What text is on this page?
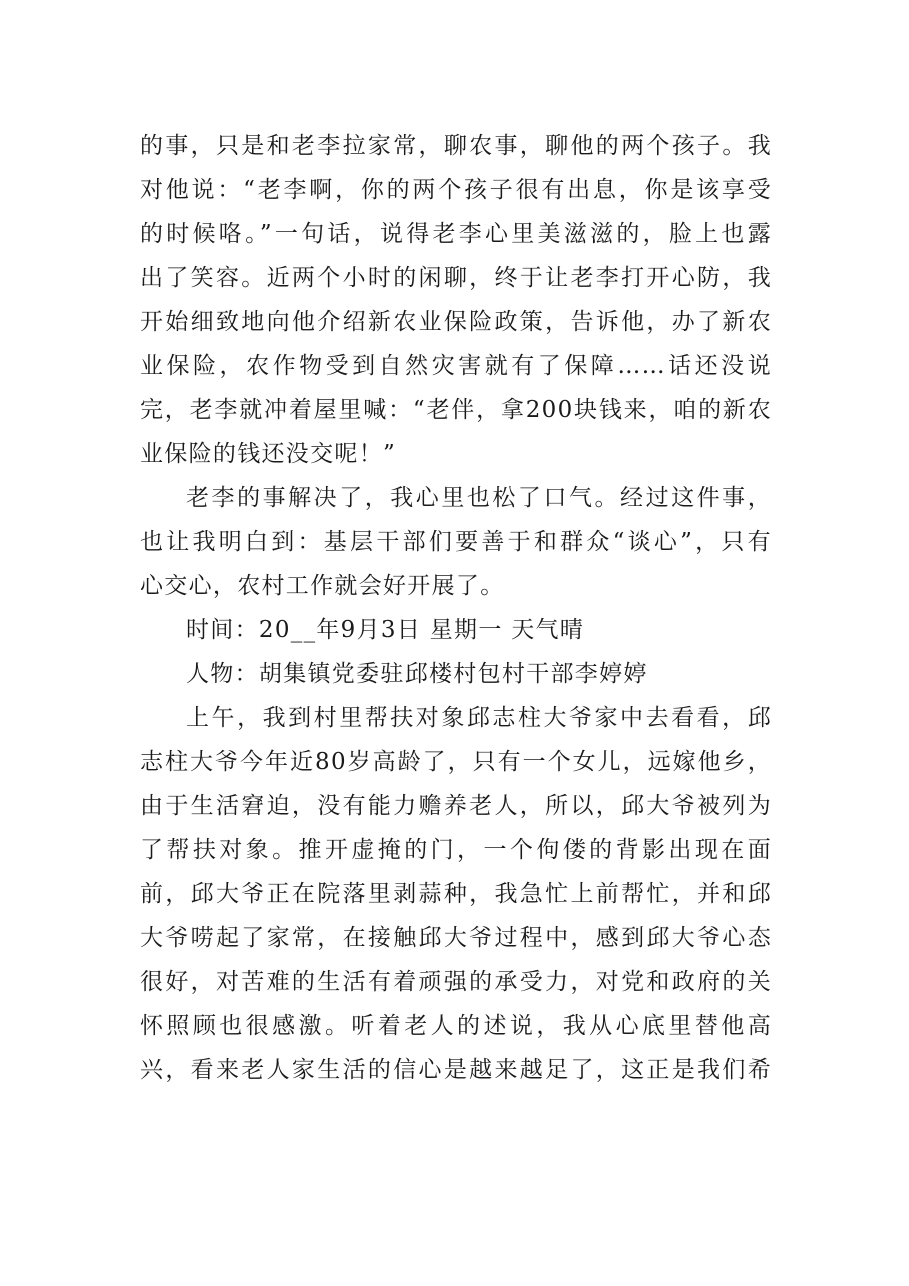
的事，只是和老李拉家常，聊农事，聊他的两个孩子。我
对他说：“老李啊，你的两个孩子很有出息，你是该享受
的时候咯。”一句话，说得老李心里美滋滋的，脸上也露
出了笑容。近两个小时的闲聊，终于让老李打开心防，我
开始细致地向他介绍新农业保险政策，告诉他，办了新农
业保险，农作物受到自然灾害就有了保障……话还没说
完，老李就冲着屋里喊：“老伴，拿200块钱来，咱的新农
业保险的钱还没交呢！”
老李的事解决了，我心里也松了口气。经过这件事，
也让我明白到：基层干部们要善于和群众“谈心”，只有
心交心，农村工作就会好开展了。
时间：20__年9月3日 星期一 天气晴
人物：胡集镇党委驻邱楼村包村干部李婷婷
上午，我到村里帮扶对象邱志柱大爷家中去看看，邱
志柱大爷今年近80岁高龄了，只有一个女儿，远嫁他乡，
由于生活窘迫，没有能力赡养老人，所以，邱大爷被列为
了帮扶对象。推开虚掩的门，一个佝偻的背影出现在面
前，邱大爷正在院落里剥蒜种，我急忙上前帮忙，并和邱
大爷唠起了家常，在接触邱大爷过程中，感到邱大爷心态
很好，对苦难的生活有着顽强的承受力，对党和政府的关
怀照顾也很感激。听着老人的述说，我从心底里替他高
兴，看来老人家生活的信心是越来越足了，这正是我们希
